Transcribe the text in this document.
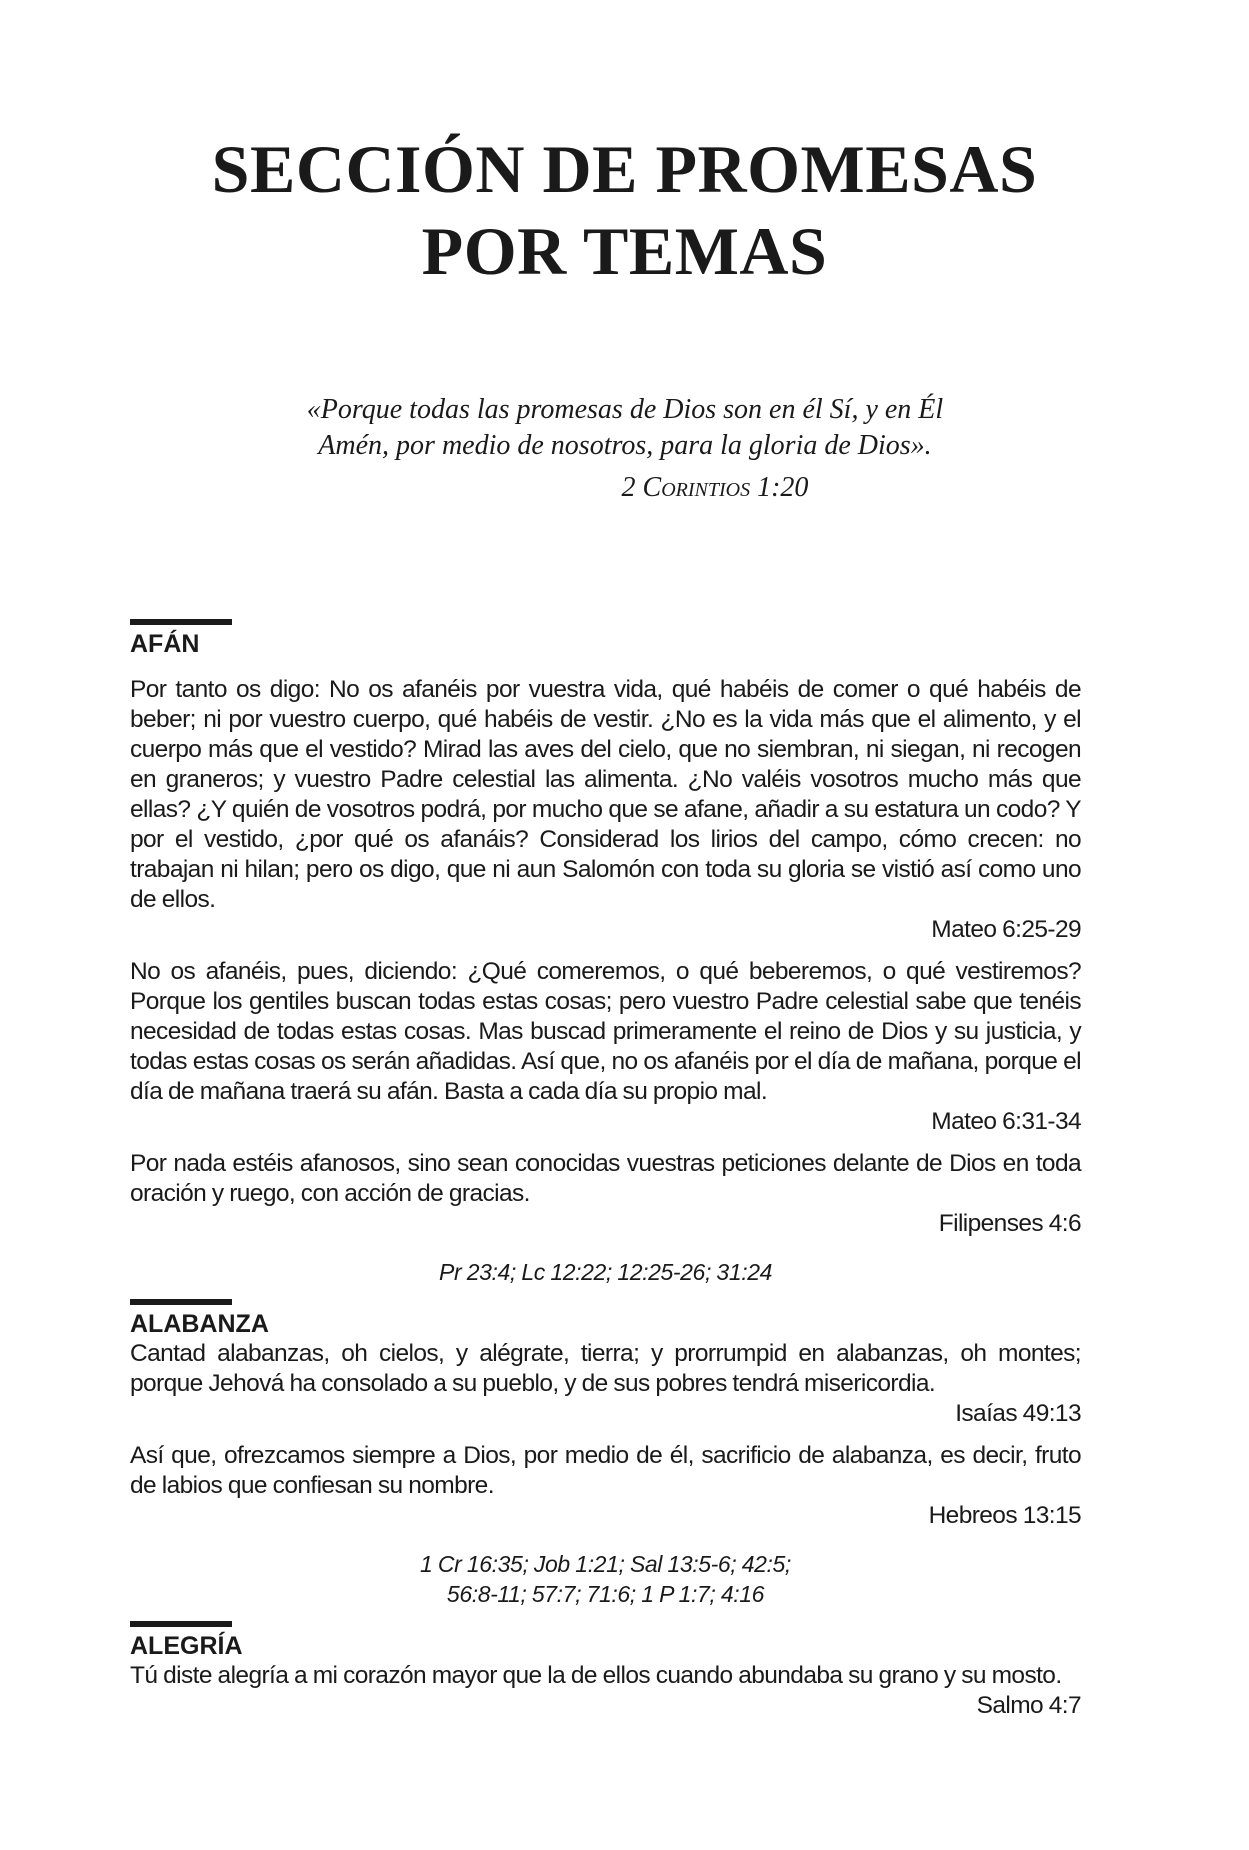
SECCIÓN DE PROMESAS
POR TEMAS
«Porque todas las promesas de Dios son en él Sí, y en Él
Amén, por medio de nosotros, para la gloria de Dios».
2 Corintios 1:20
AFÁN

Por tanto os digo: No os afanéis por vuestra vida, qué habéis de comer o qué habéis de beber; ni por vuestro cuerpo, qué habéis de vestir. ¿No es la vida más que el alimento, y el cuerpo más que el vestido? Mirad las aves del cielo, que no siembran, ni siegan, ni recogen en graneros; y vuestro Padre celestial las alimenta. ¿No valéis vosotros mucho más que ellas? ¿Y quién de vosotros podrá, por mucho que se afane, añadir a su estatura un codo? Y por el vestido, ¿por qué os afanáis? Considerad los lirios del campo, cómo crecen: no trabajan ni hilan; pero os digo, que ni aun Salomón con toda su gloria se vistió así como uno de ellos.

Mateo 6:25-29

No os afanéis, pues, diciendo: ¿Qué comeremos, o qué beberemos, o qué vestiremos? Porque los gentiles buscan todas estas cosas; pero vuestro Padre celestial sabe que tenéis necesidad de todas estas cosas. Mas buscad primeramente el reino de Dios y su justicia, y todas estas cosas os serán añadidas. Así que, no os afanéis por el día de mañana, porque el día de mañana traerá su afán. Basta a cada día su propio mal.

Mateo 6:31-34

Por nada estéis afanosos, sino sean conocidas vuestras peticiones delante de Dios en toda oración y ruego, con acción de gracias.

Filipenses 4:6

Pr 23:4; Lc 12:22; 12:25-26; 31:24
ALABANZA

Cantad alabanzas, oh cielos, y alégrate, tierra; y prorrumpid en alabanzas, oh montes; porque Jehová ha consolado a su pueblo, y de sus pobres tendrá misericordia.

Isaías 49:13

Así que, ofrezcamos siempre a Dios, por medio de él, sacrificio de alabanza, es decir, fruto de labios que confiesan su nombre.

Hebreos 13:15

1 Cr 16:35; Job 1:21; Sal 13:5-6; 42:5;
56:8-11; 57:7; 71:6; 1 P 1:7; 4:16
ALEGRÍA

Tú diste alegría a mi corazón mayor que la de ellos cuando abundaba su grano y su mosto.

Salmo 4:7
